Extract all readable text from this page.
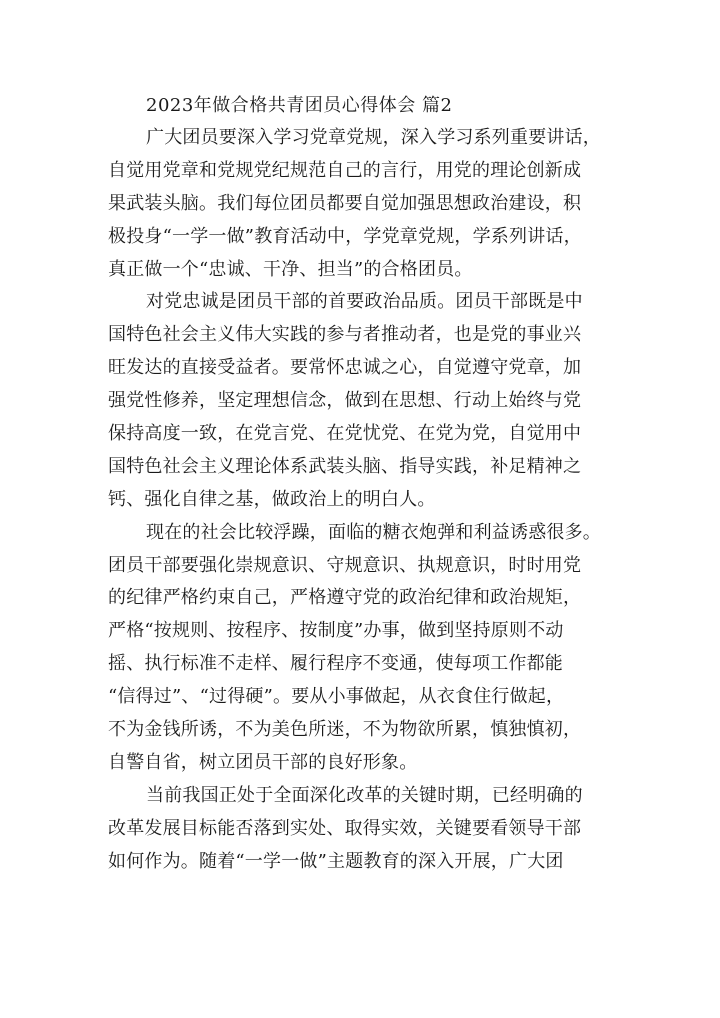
2023年做合格共青团员心得体会 篇2
广大团员要深入学习党章党规，深入学习系列重要讲话，
自觉用党章和党规党纪规范自己的言行，用党的理论创新成
果武装头脑。我们每位团员都要自觉加强思想政治建设，积
极投身“一学一做”教育活动中，学党章党规，学系列讲话，
真正做一个“忠诚、干净、担当”的合格团员。
对党忠诚是团员干部的首要政治品质。团员干部既是中
国特色社会主义伟大实践的参与者推动者，也是党的事业兴
旺发达的直接受益者。要常怀忠诚之心，自觉遵守党章，加
强党性修养，坚定理想信念，做到在思想、行动上始终与党
保持高度一致，在党言党、在党忧党、在党为党，自觉用中
国特色社会主义理论体系武装头脑、指导实践，补足精神之
钙、强化自律之基，做政治上的明白人。
现在的社会比较浮躁，面临的糖衣炮弹和利益诱惑很多。
团员干部要强化崇规意识、守规意识、执规意识，时时用党
的纪律严格约束自己，严格遵守党的政治纪律和政治规矩，
严格“按规则、按程序、按制度”办事，做到坚持原则不动
摇、执行标准不走样、履行程序不变通，使每项工作都能
“信得过”、“过得硬”。要从小事做起，从衣食住行做起，
不为金钱所诱，不为美色所迷，不为物欲所累，慎独慎初，
自警自省，树立团员干部的良好形象。
当前我国正处于全面深化改革的关键时期，已经明确的
改革发展目标能否落到实处、取得实效，关键要看领导干部
如何作为。随着“一学一做”主题教育的深入开展，广大团
